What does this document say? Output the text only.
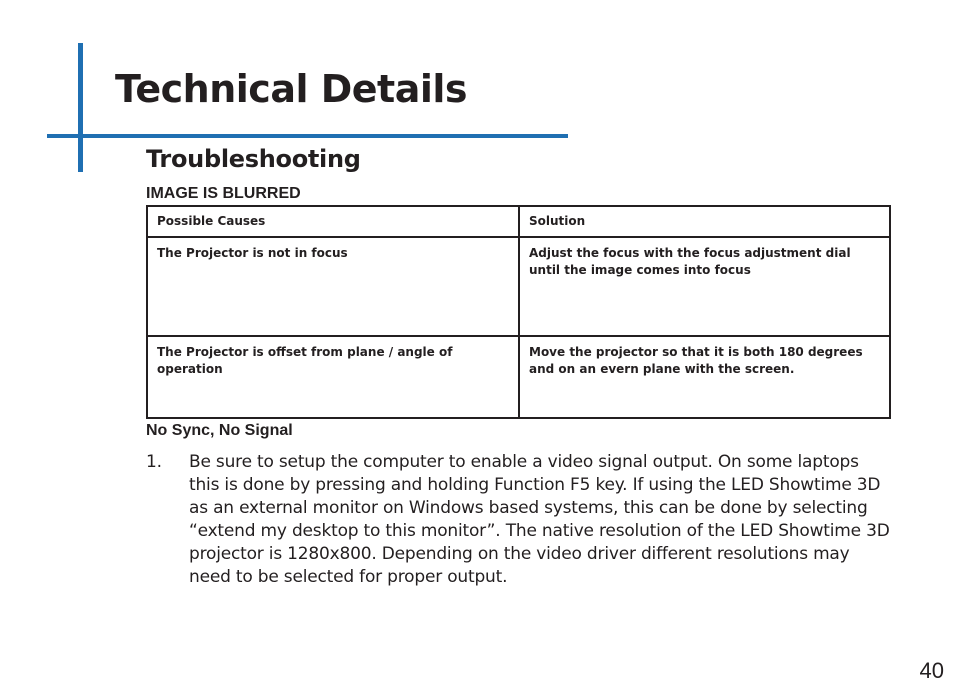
Technical Details
Troubleshooting
IMAGE IS BLURRED
Possible Causes	Solution
The Projector is not in focus	Adjust the focus with the focus adjustment dial until the image comes into focus
The Projector is offset from plane / angle of operation	Move the projector so that it is both 180 degrees and on an evern plane with the screen.
No Sync, No Signal
1. Be sure to setup the computer to enable a video signal output. On some laptops this is done by pressing and holding Function F5 key. If using the LED Showtime 3D as an external monitor on Windows based systems, this can be done by selecting “extend my desktop to this monitor”. The native resolution of the LED Showtime 3D projector is 1280x800. Depending on the video driver different resolutions may need to be selected for proper output.
40
